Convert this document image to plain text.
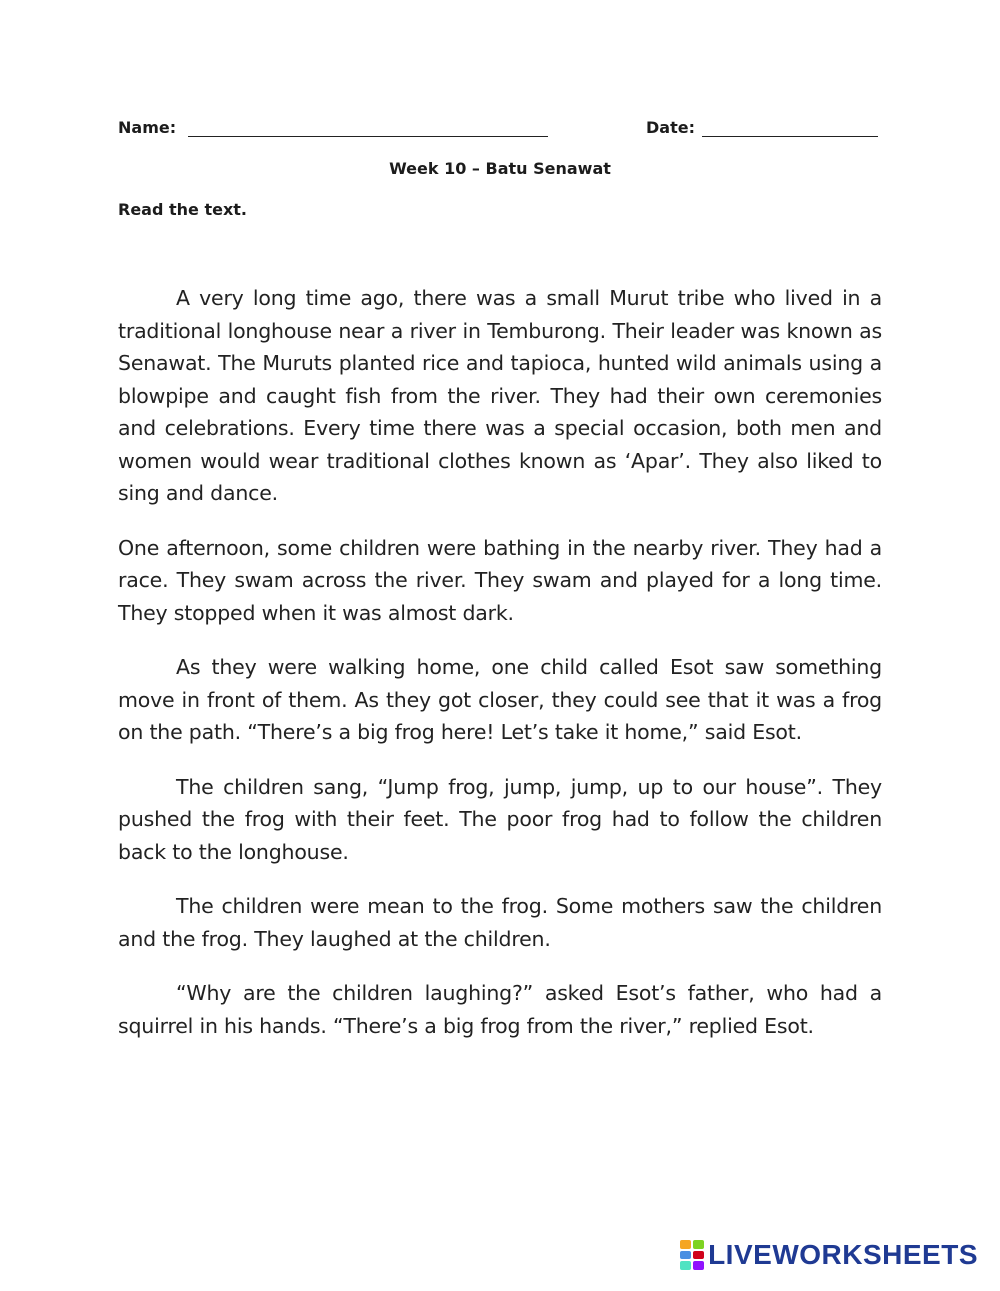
Name:	Date:
Week 10 – Batu Senawat
Read the text.

A very long time ago, there was a small Murut tribe who lived in a traditional longhouse near a river in Temburong. Their leader was known as Senawat. The Muruts planted rice and tapioca, hunted wild animals using a blowpipe and caught fish from the river. They had their own ceremonies and celebrations. Every time there was a special occasion, both men and women would wear traditional clothes known as ‘Apar’. They also liked to sing and dance.

One afternoon, some children were bathing in the nearby river. They had a race. They swam across the river. They swam and played for a long time. They stopped when it was almost dark.

As they were walking home, one child called Esot saw something move in front of them. As they got closer, they could see that it was a frog on the path. “There’s a big frog here! Let’s take it home,” said Esot.

The children sang, “Jump frog, jump, jump, up to our house”. They pushed the frog with their feet. The poor frog had to follow the children back to the longhouse.

The children were mean to the frog. Some mothers saw the children and the frog. They laughed at the children.

“Why are the children laughing?” asked Esot’s father, who had a squirrel in his hands. “There’s a big frog from the river,” replied Esot.

LIVEWORKSHEETS
